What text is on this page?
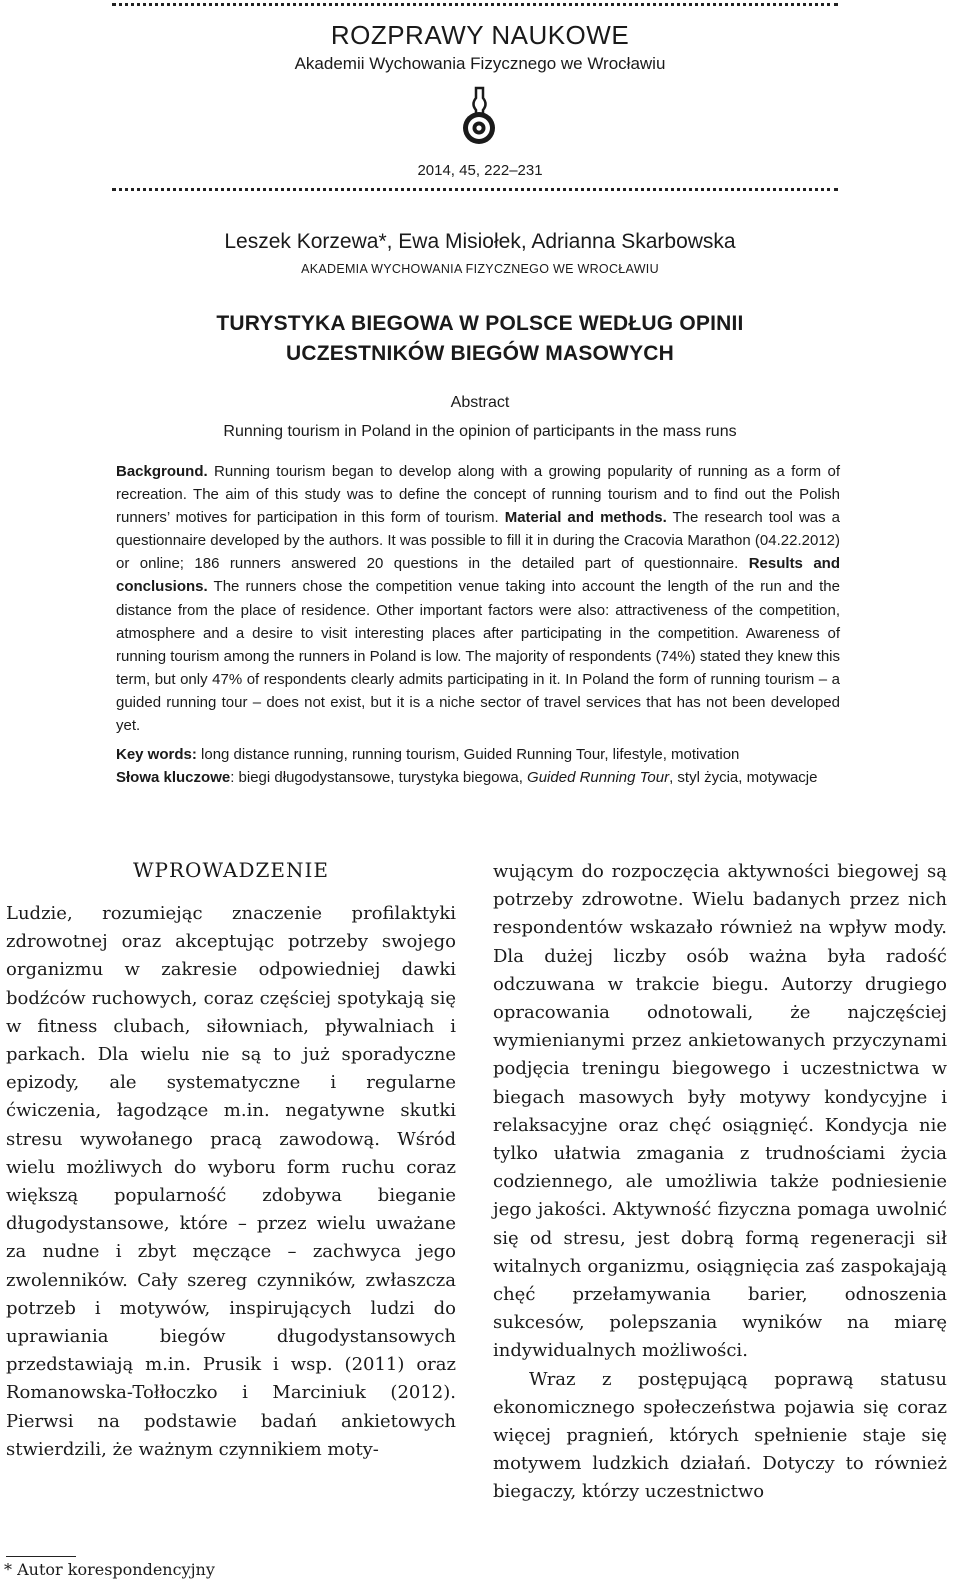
ROZPRAWY NAUKOWE
Akademii Wychowania Fizycznego we Wrocławiu
2014, 45, 222–231
Leszek Korzewa*, Ewa Misiołek, Adrianna Skarbowska
AKADEMIA WYCHOWANIA FIZYCZNEGO WE WROCŁAWIU
TURYSTYKA BIEGOWA W POLSCE WEDŁUG OPINII
UCZESTNIKÓW BIEGÓW MASOWYCH
Abstract
Running tourism in Poland in the opinion of participants in the mass runs

Background. Running tourism began to develop along with a growing popularity of running as a form of recreation. The aim of this study was to define the concept of running tourism and to find out the Polish runners’ motives for participation in this form of tourism. Material and methods. The research tool was a questionnaire developed by the authors. It was possible to fill it in during the Cracovia Marathon (04.22.2012) or online; 186 runners answered 20 questions in the detailed part of questionnaire. Results and conclusions. The runners chose the competition venue taking into account the length of the run and the distance from the place of residence. Other important factors were also: attractiveness of the competition, atmosphere and a desire to visit interesting places after participating in the competition. Awareness of running tourism among the runners in Poland is low. The majority of respondents (74%) stated they knew this term, but only 47% of respondents clearly admits participating in it. In Poland the form of running tourism – a guided running tour – does not exist, but it is a niche sector of travel services that has not been developed yet.

Key words: long distance running, running tourism, Guided Running Tour, lifestyle, motivation
Słowa kluczowe: biegi długodystansowe, turystyka biegowa, Guided Running Tour, styl życia, motywacje
WPROWADZENIE

Ludzie, rozumiejąc znaczenie profilaktyki zdrowotnej oraz akceptując potrzeby swojego organizmu w zakresie odpowiedniej dawki bodźców ruchowych, coraz częściej spotykają się w fitness clubach, siłowniach, pływalniach i parkach. Dla wielu nie są to już sporadyczne epizody, ale systematyczne i regularne ćwiczenia, łagodzące m.in. negatywne skutki stresu wywołanego pracą zawodową. Wśród wielu możliwych do wyboru form ruchu coraz większą popularność zdobywa bieganie długodystansowe, które – przez wielu uważane za nudne i zbyt męczące – zachwyca jego zwolenników. Cały szereg czynników, zwłaszcza potrzeb i motywów, inspirujących ludzi do uprawiania biegów długodystansowych przedstawiają m.in. Prusik i wsp. (2011) oraz Romanowska-Tołłoczko i Marciniuk (2012). Pierwsi na podstawie badań ankietowych stwierdzili, że ważnym czynnikiem moty-

wującym do rozpoczęcia aktywności biegowej są potrzeby zdrowotne. Wielu badanych przez nich respondentów wskazało również na wpływ mody. Dla dużej liczby osób ważna była radość odczuwana w trakcie biegu. Autorzy drugiego opracowania odnotowali, że najczęściej wymienianymi przez ankietowanych przyczynami podjęcia treningu biegowego i uczestnictwa w biegach masowych były motywy kondycyjne i relaksacyjne oraz chęć osiągnięć. Kondycja nie tylko ułatwia zmagania z trudnościami życia codziennego, ale umożliwia także podniesienie jego jakości. Aktywność fizyczna pomaga uwolnić się od stresu, jest dobrą formą regeneracji sił witalnych organizmu, osiągnięcia zaś zaspokajają chęć przełamywania barier, odnoszenia sukcesów, polepszania wyników na miarę indywidualnych możliwości.

Wraz z postępującą poprawą statusu ekonomicznego społeczeństwa pojawia się coraz więcej pragnień, których spełnienie staje się motywem ludzkich działań. Dotyczy to również biegaczy, którzy uczestnictwo

* Autor korespondencyjny
